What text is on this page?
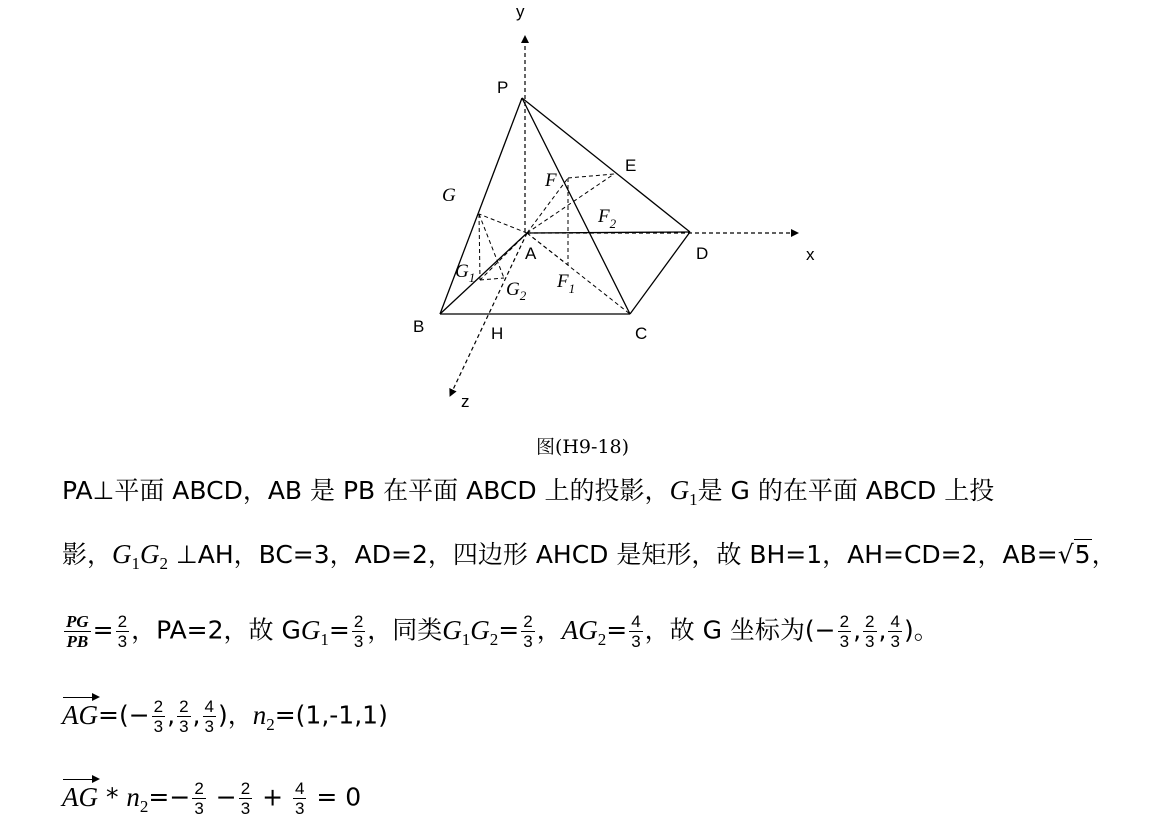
y
x
z
P
E
F
$F_2$
G
A	D
$G_1$
$G_2$
$F_1$
B	H	C
图(H9-18)
PA⊥平面 ABCD，AB 是 PB 在平面 ABCD 上的投影，$G_1$是 G 的在平面 ABCD 上投
影，$G_1G_2$ ⊥AH，BC=3，AD=2，四边形 AHCD 是矩形，故 BH=1，AH=CD=2，AB=√5，
$\frac{PG}{PB} = \frac{2}{3}$ ，PA=2，故 $GG_1= \frac{2}{3}$ ，同类$G_1G_2= \frac{2}{3}$ ，$AG_2= \frac{4}{3}$ ，故 G 坐标为(− $\frac{2}{3}$ , $\frac{2}{3}$ , $\frac{4}{3}$ )。
$AG=(- \frac{2}{3}$ , $\frac{2}{3}$ , $\frac{4}{3}$ )，$n_2=(1,-1,1)$
AG * $n_2=- \frac{2}{3} - \frac{2}{3} + \frac{4}{3} = 0$
